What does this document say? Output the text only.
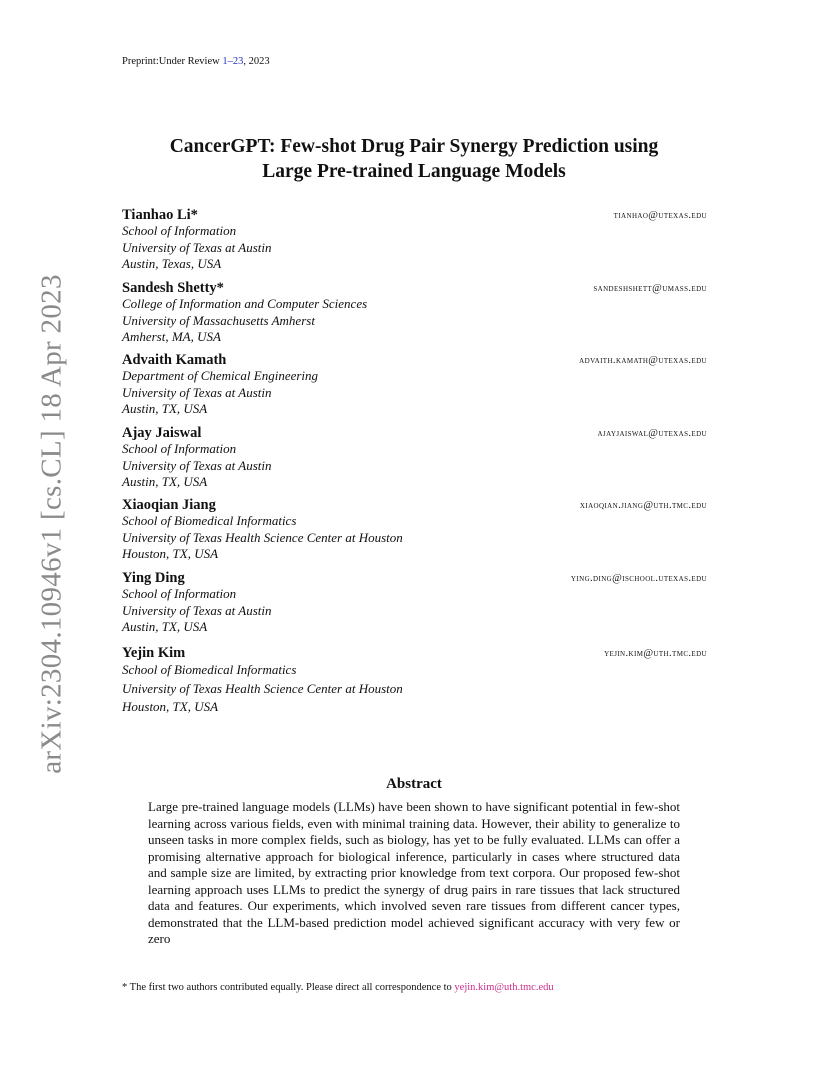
Preprint:Under Review 1–23, 2023
arXiv:2304.10946v1 [cs.CL] 18 Apr 2023
CancerGPT: Few-shot Drug Pair Synergy Prediction using
Large Pre-trained Language Models
Tianhao Li*	tianhao@utexas.edu
School of Information
University of Texas at Austin
Austin, Texas, USA
Sandesh Shetty*	sandeshshett@umass.edu
College of Information and Computer Sciences
University of Massachusetts Amherst
Amherst, MA, USA
Advaith Kamath	advaith.kamath@utexas.edu
Department of Chemical Engineering
University of Texas at Austin
Austin, TX, USA
Ajay Jaiswal	ajayjaiswal@utexas.edu
School of Information
University of Texas at Austin
Austin, TX, USA
Xiaoqian Jiang	xiaoqian.jiang@uth.tmc.edu
School of Biomedical Informatics
University of Texas Health Science Center at Houston
Houston, TX, USA
Ying Ding	ying.ding@ischool.utexas.edu
School of Information
University of Texas at Austin
Austin, TX, USA
Yejin Kim	yejin.kim@uth.tmc.edu
School of Biomedical Informatics
University of Texas Health Science Center at Houston
Houston, TX, USA
Abstract
Large pre-trained language models (LLMs) have been shown to have significant potential in few-shot learning across various fields, even with minimal training data. However, their ability to generalize to unseen tasks in more complex fields, such as biology, has yet to be fully evaluated. LLMs can offer a promising alternative approach for biological inference, particularly in cases where structured data and sample size are limited, by extracting prior knowledge from text corpora. Our proposed few-shot learning approach uses LLMs to predict the synergy of drug pairs in rare tissues that lack structured data and features. Our experiments, which involved seven rare tissues from different cancer types, demonstrated that the LLM-based prediction model achieved significant accuracy with very few or zero
* The first two authors contributed equally. Please direct all correspondence to yejin.kim@uth.tmc.edu
